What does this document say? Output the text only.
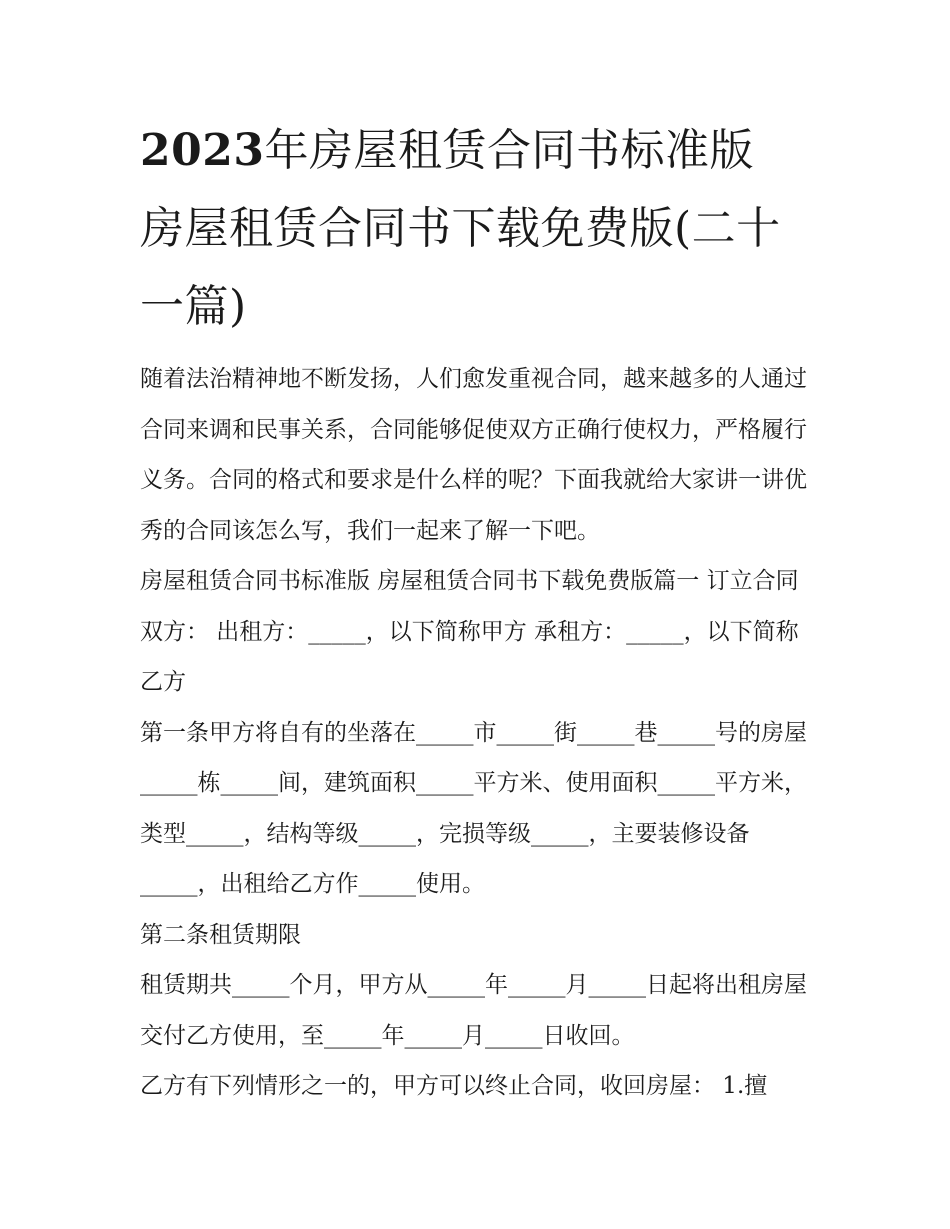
2023年房屋租赁合同书标准版 房屋租赁合同书下载免费版(二十一篇)

随着法治精神地不断发扬，人们愈发重视合同，越来越多的人通过合同来调和民事关系，合同能够促使双方正确行使权力，严格履行义务。合同的格式和要求是什么样的呢？下面我就给大家讲一讲优秀的合同该怎么写，我们一起来了解一下吧。

房屋租赁合同书标准版 房屋租赁合同书下载免费版篇一 订立合同双方： 出租方：_____，以下简称甲方 承租方：_____，以下简称乙方

第一条甲方将自有的坐落在_____市_____街_____巷_____号的房屋_____栋_____间，建筑面积_____平方米、使用面积_____平方米，类型_____，结构等级_____，完损等级_____，主要装修设备_____，出租给乙方作_____使用。

第二条租赁期限

租赁期共_____个月，甲方从_____年_____月_____日起将出租房屋交付乙方使用，至_____年_____月_____日收回。

乙方有下列情形之一的，甲方可以终止合同，收回房屋： 1.擅
